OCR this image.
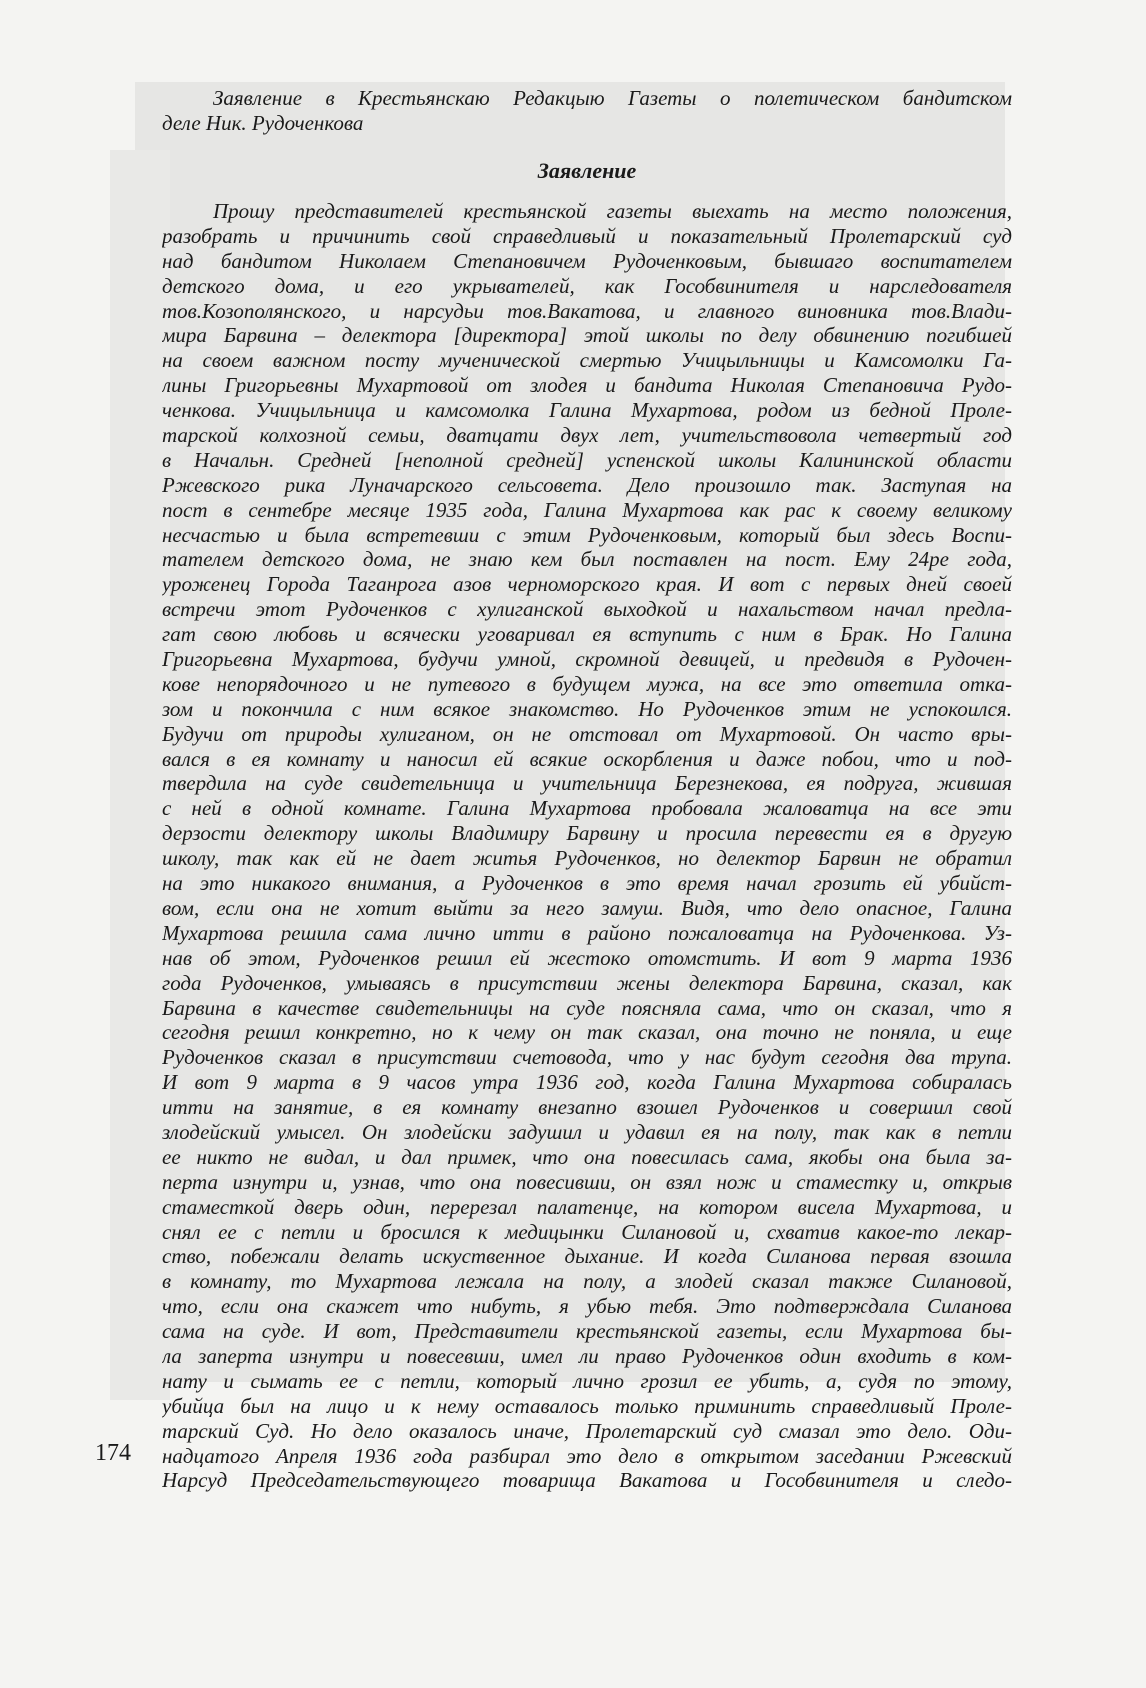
Заявление в Крестьянскаю Редакцыю Газеты о полетическом бандитском
деле Ник. Рудоченкова
Заявление
Прошу представителей крестьянской газеты выехать на место положения,
разобрать и причинить свой справедливый и показательный Пролетарский суд
над бандитом Николаем Степановичем Рудоченковым, бывшаго воспитателем
детского дома, и его укрывателей, как Гособвинителя и нарследователя
тов.Козополянского, и нарсудьи тов.Вакатова, и главного виновника тов.Влади-
мира Барвина – делектора [директора] этой школы по делу обвинению погибшей
на своем важном посту мученической смертью Учицыльницы и Камсомолки Га-
лины Григорьевны Мухартовой от злодея и бандита Николая Степановича Рудо-
ченкова. Учицыльница и камсомолка Галина Мухартова, родом из бедной Проле-
тарской колхозной семьи, дватцати двух лет, учительствовола четвертый год
в Начальн. Средней [неполной средней] успенской школы Калининской области
Ржевского рика Луначарского сельсовета. Дело произошло так. Заступая на
пост в сентебре месяце 1935 года, Галина Мухартова как рас к своему великому
несчастью и была встретевши с этим Рудоченковым, который был здесь Воспи-
тателем детского дома, не знаю кем был поставлен на пост. Ему 24ре года,
уроженец Города Таганрога азов черноморского края. И вот с первых дней своей
встречи этот Рудоченков с хулиганской выходкой и нахальством начал предла-
гат свою любовь и всячески уговаривал ея вступить с ним в Брак. Но Галина
Григорьевна Мухартова, будучи умной, скромной девицей, и предвидя в Рудочен-
кове непорядочного и не путевого в будущем мужа, на все это ответила отка-
зом и покончила с ним всякое знакомство. Но Рудоченков этим не успокоился.
Будучи от природы хулиганом, он не отстовал от Мухартовой. Он часто вры-
вался в ея комнату и наносил ей всякие оскорбления и даже побои, что и под-
твердила на суде свидетельница и учительница Березнекова, ея подруга, жившая
с ней в одной комнате. Галина Мухартова пробовала жаловатца на все эти
дерзости делектору школы Владимиру Барвину и просила перевести ея в другую
школу, так как ей не дает житья Рудоченков, но делектор Барвин не обратил
на это никакого внимания, а Рудоченков в это время начал грозить ей убийст-
вом, если она не хотит выйти за него замуш. Видя, что дело опасное, Галина
Мухартова решила сама лично итти в районо пожаловатца на Рудоченкова. Уз-
нав об этом, Рудоченков решил ей жестоко отомстить. И вот 9 марта 1936
года Рудоченков, умываясь в присутствии жены делектора Барвина, сказал, как
Барвина в качестве свидетельницы на суде поясняла сама, что он сказал, что я
сегодня решил конкретно, но к чему он так сказал, она точно не поняла, и еще
Рудоченков сказал в присутствии счетовода, что у нас будут сегодня два трупа.
И вот 9 марта в 9 часов утра 1936 год, когда Галина Мухартова собиралась
итти на занятие, в ея комнату внезапно взошел Рудоченков и совершил свой
злодейский умысел. Он злодейски задушил и удавил ея на полу, так как в петли
ее никто не видал, и дал примек, что она повесилась сама, якобы она была за-
перта изнутри и, узнав, что она повесивши, он взял нож и стаместку и, открыв
стаместкой дверь один, перерезал палатенце, на котором висела Мухартова, и
снял ее с петли и бросился к медицынки Силановой и, схватив какое-то лекар-
ство, побежали делать искуственное дыхание. И когда Силанова первая взошла
в комнату, то Мухартова лежала на полу, а злодей сказал также Силановой,
что, если она скажет что нибуть, я убью тебя. Это подтверждала Силанова
сама на суде. И вот, Представители крестьянской газеты, если Мухартова бы-
ла заперта изнутри и повесевши, имел ли право Рудоченков один входить в ком-
нату и сымать ее с петли, который лично грозил ее убить, а, судя по этому,
убийца был на лицо и к нему оставалось только приминить справедливый Проле-
тарский Суд. Но дело оказалось иначе, Пролетарский суд смазал это дело. Оди-
надцатого Апреля 1936 года разбирал это дело в открытом заседании Ржевский
Нарсуд Председательствующего товарища Вакатова и Гособвинителя и следо-
174
